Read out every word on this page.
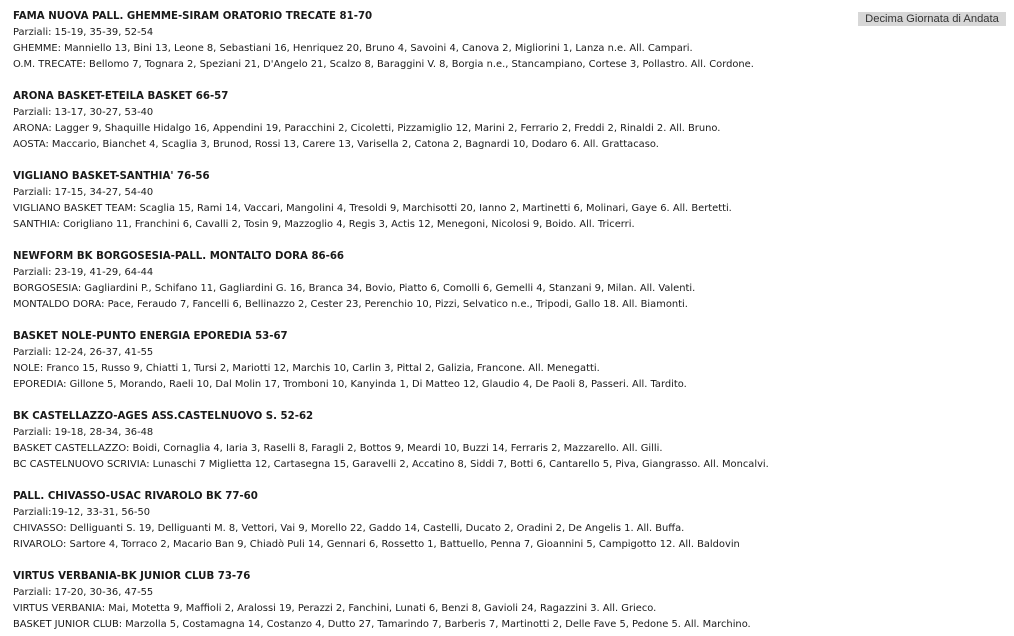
Decima Giornata di Andata
FAMA NUOVA PALL. GHEMME-SIRAM ORATORIO TRECATE 81-70
Parziali: 15-19, 35-39, 52-54
GHEMME: Manniello 13, Bini 13, Leone 8, Sebastiani 16, Henriquez 20, Bruno 4, Savoini 4, Canova 2, Migliorini 1, Lanza n.e. All. Campari.
O.M. TRECATE: Bellomo 7, Tognara 2, Speziani 21, D'Angelo 21, Scalzo 8, Baraggini V. 8, Borgia n.e., Stancampiano, Cortese 3, Pollastro. All. Cordone.
ARONA BASKET-ETEILA BASKET 66-57
Parziali: 13-17, 30-27, 53-40
ARONA: Lagger 9, Shaquille Hidalgo 16, Appendini 19, Paracchini 2, Cicoletti, Pizzamiglio 12, Marini 2, Ferrario 2, Freddi 2, Rinaldi 2. All. Bruno.
AOSTA: Maccario, Bianchet 4, Scaglia 3, Brunod, Rossi 13, Carere 13, Varisella 2, Catona 2, Bagnardi 10, Dodaro 6. All. Grattacaso.
VIGLIANO BASKET-SANTHIA' 76-56
Parziali: 17-15, 34-27, 54-40
VIGLIANO BASKET TEAM: Scaglia 15, Rami 14, Vaccari, Mangolini 4, Tresoldi 9, Marchisotti 20, Ianno 2, Martinetti 6, Molinari, Gaye 6. All. Bertetti.
SANTHIA: Corigliano 11, Franchini 6, Cavalli 2, Tosin 9, Mazzoglio 4, Regis 3, Actis 12, Menegoni, Nicolosi 9, Boido. All. Tricerri.
NEWFORM BK BORGOSESIA-PALL. MONTALTO DORA 86-66
Parziali: 23-19, 41-29, 64-44
BORGOSESIA: Gagliardini P., Schifano 11, Gagliardini G. 16, Branca 34, Bovio, Piatto 6, Comolli 6, Gemelli 4, Stanzani 9, Milan. All. Valenti.
MONTALDO DORA: Pace, Feraudo 7, Fancelli 6, Bellinazzo 2, Cester 23, Perenchio 10, Pizzi, Selvatico n.e., Tripodi, Gallo 18. All. Biamonti.
BASKET NOLE-PUNTO ENERGIA EPOREDIA 53-67
Parziali: 12-24, 26-37, 41-55
NOLE: Franco 15, Russo 9, Chiatti 1, Tursi 2, Mariotti 12, Marchis 10, Carlin 3, Pittal 2, Galizia, Francone. All. Menegatti.
EPOREDIA: Gillone 5, Morando, Raeli 10, Dal Molin 17, Tromboni 10, Kanyinda 1, Di Matteo 12, Glaudio 4, De Paoli 8, Passeri. All. Tardito.
BK CASTELLAZZO-AGES ASS.CASTELNUOVO S. 52-62
Parziali: 19-18, 28-34, 36-48
BASKET CASTELLAZZO: Boidi, Cornaglia 4, Iaria 3, Raselli 8, Faragli 2, Bottos 9, Meardi 10, Buzzi 14, Ferraris 2, Mazzarello. All. Gilli.
BC CASTELNUOVO SCRIVIA: Lunaschi 7 Miglietta 12, Cartasegna 15, Garavelli 2, Accatino 8, Siddi 7, Botti 6, Cantarello 5, Piva, Giangrasso. All. Moncalvi.
PALL. CHIVASSO-USAC RIVAROLO BK 77-60
Parziali:19-12, 33-31, 56-50
CHIVASSO: Delliguanti S. 19, Delliguanti M. 8, Vettori, Vai 9, Morello 22, Gaddo 14, Castelli, Ducato 2, Oradini 2, De Angelis 1. All. Buffa.
RIVAROLO: Sartore 4, Torraco 2, Macario Ban 9, Chiadò Puli 14, Gennari 6, Rossetto 1, Battuello, Penna 7, Gioannini 5, Campigotto 12. All. Baldovin
VIRTUS VERBANIA-BK JUNIOR CLUB 73-76
Parziali: 17-20, 30-36, 47-55
VIRTUS VERBANIA: Mai, Motetta 9, Maffioli 2, Aralossi 19, Perazzi 2, Fanchini, Lunati 6, Benzi 8, Gavioli 24, Ragazzini 3. All. Grieco.
BASKET JUNIOR CLUB: Marzolla 5, Costamagna 14, Costanzo 4, Dutto 27, Tamarindo 7, Barberis 7, Martinotti 2, Delle Fave 5, Pedone 5. All. Marchino.
